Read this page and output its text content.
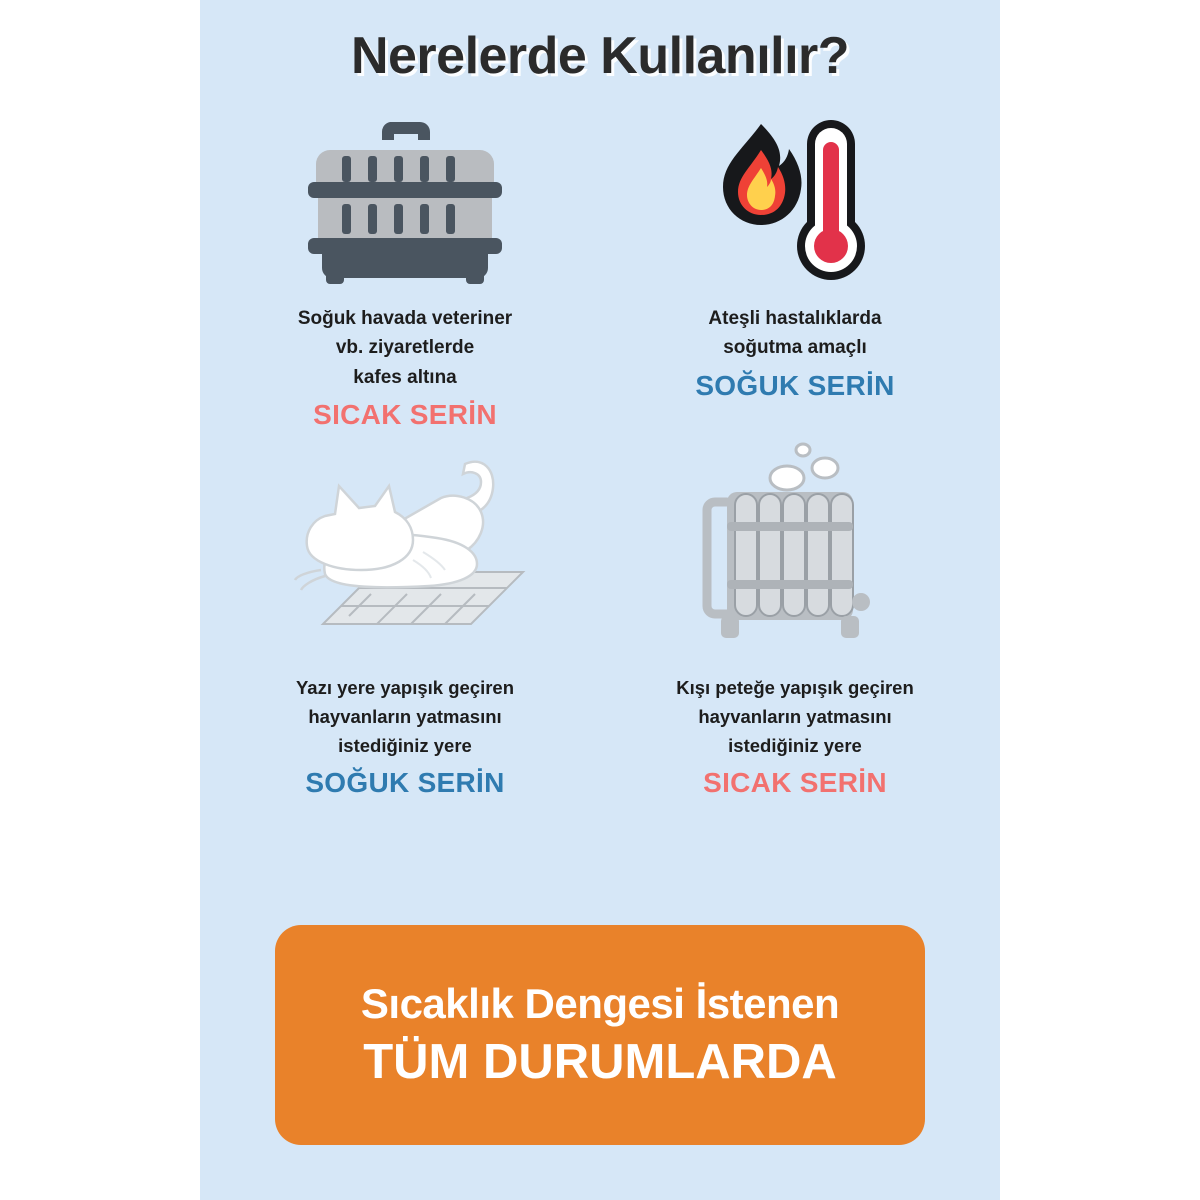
Nerelerde Kullanılır?
Soğuk havada veteriner
vb. ziyaretlerde
kafes altına
SICAK SERİN
Ateşli hastalıklarda
soğutma amaçlı
SOĞUK SERİN
Yazı yere yapışık geçiren
hayvanların yatmasını
istediğiniz yere
SOĞUK SERİN
Kışı peteğe yapışık geçiren
hayvanların yatmasını
istediğiniz yere
SICAK SERİN
Sıcaklık Dengesi İstenen
TÜM DURUMLARDA
